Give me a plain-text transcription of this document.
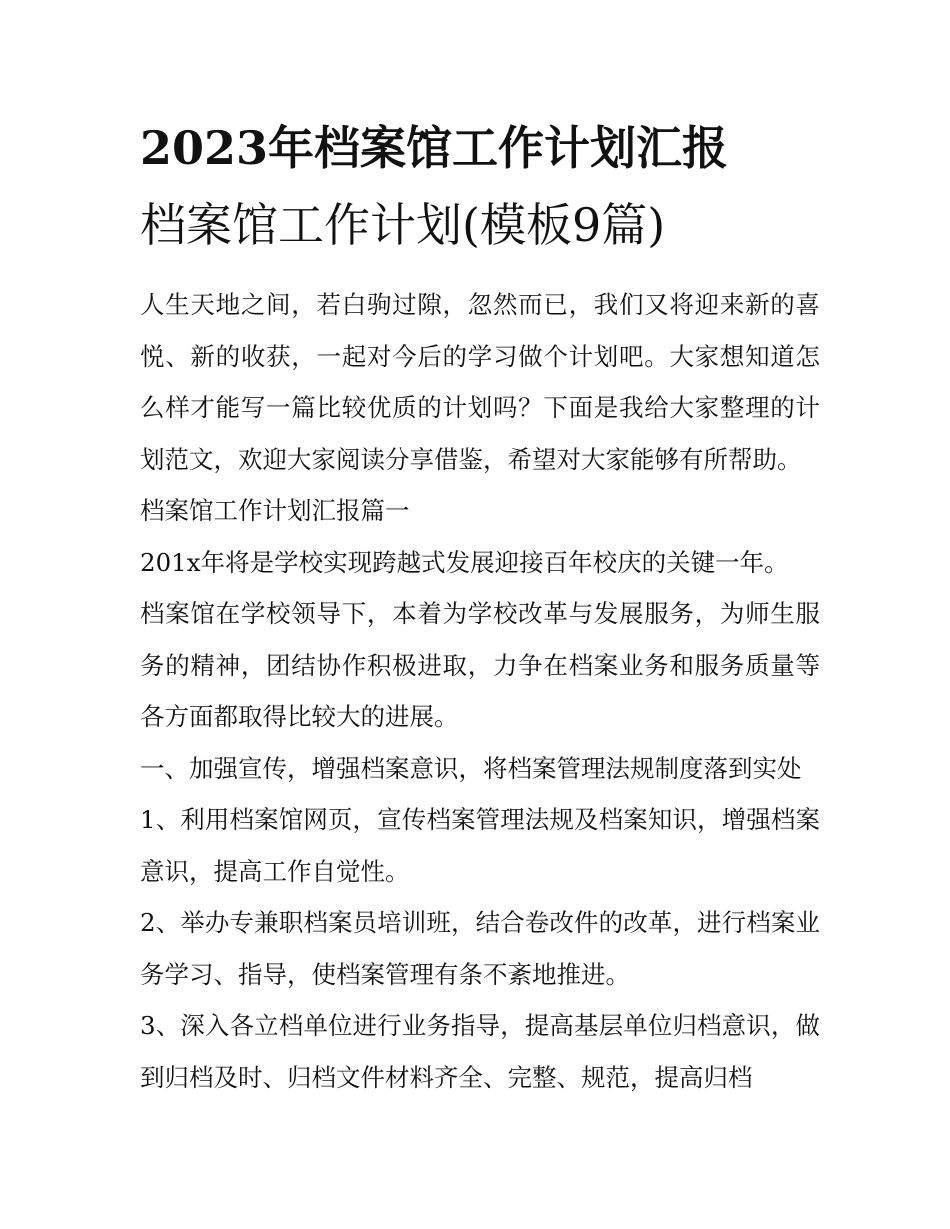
2023年档案馆工作计划汇报
档案馆工作计划(模板9篇)

人生天地之间，若白驹过隙，忽然而已，我们又将迎来新的喜悦、新的收获，一起对今后的学习做个计划吧。大家想知道怎么样才能写一篇比较优质的计划吗？下面是我给大家整理的计划范文，欢迎大家阅读分享借鉴，希望对大家能够有所帮助。

档案馆工作计划汇报篇一

201x年将是学校实现跨越式发展迎接百年校庆的关键一年。

档案馆在学校领导下，本着为学校改革与发展服务，为师生服务的精神，团结协作积极进取，力争在档案业务和服务质量等各方面都取得比较大的进展。

一、加强宣传，增强档案意识，将档案管理法规制度落到实处

1、利用档案馆网页，宣传档案管理法规及档案知识，增强档案意识，提高工作自觉性。

2、举办专兼职档案员培训班，结合卷改件的改革，进行档案业务学习、指导，使档案管理有条不紊地推进。

3、深入各立档单位进行业务指导，提高基层单位归档意识，做到归档及时、归档文件材料齐全、完整、规范，提高归档
